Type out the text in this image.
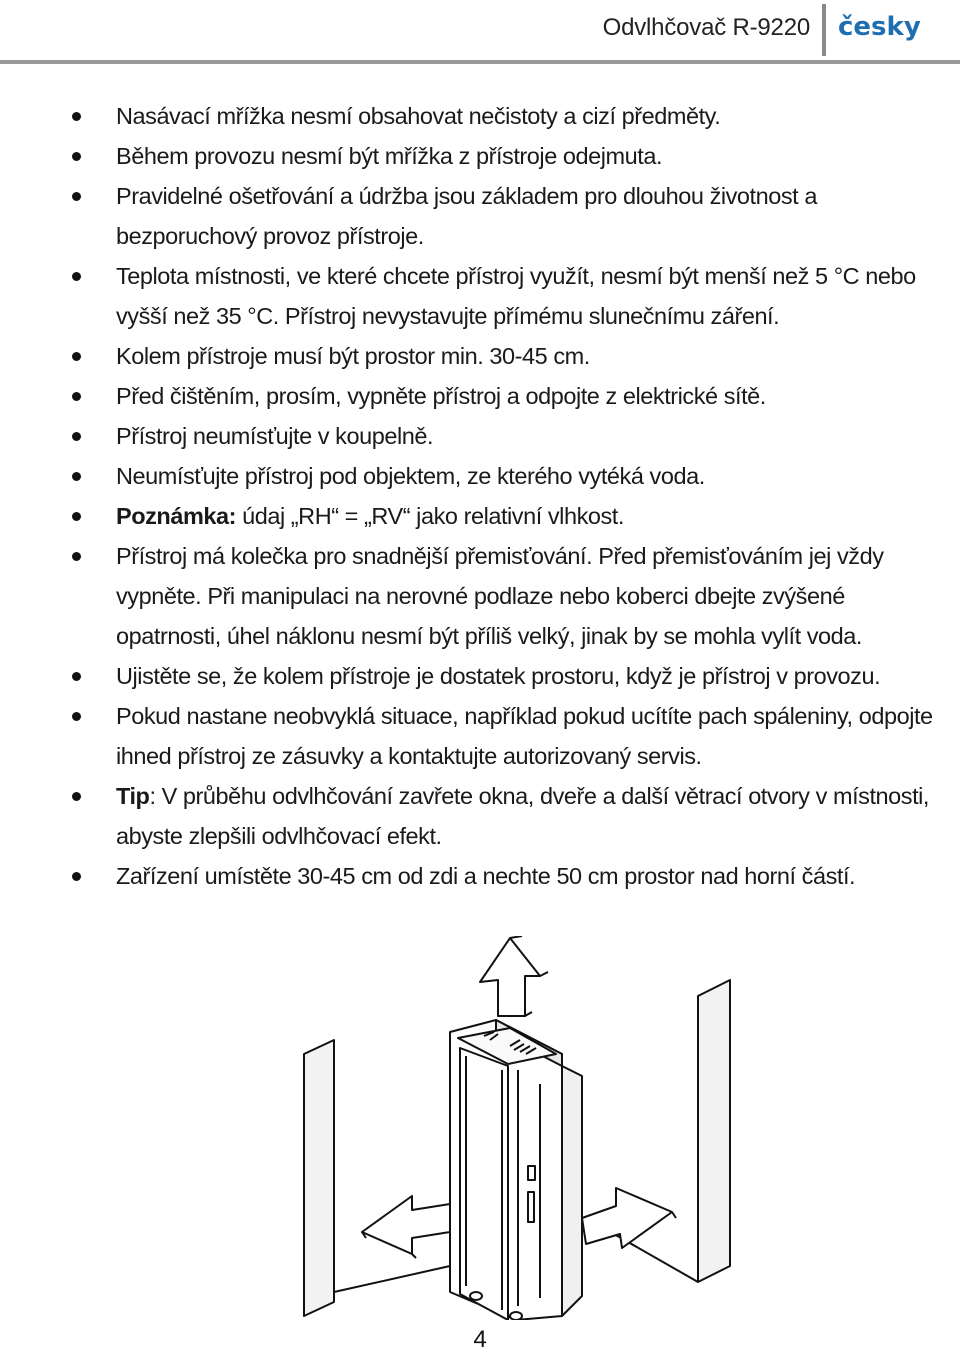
Odvlhčovač R-9220 česky
Nasávací mřížka nesmí obsahovat nečistoty a cizí předměty.
Během provozu nesmí být mřížka z přístroje odejmuta.
Pravidelné ošetřování a údržba jsou základem pro dlouhou životnost a bezporuchový provoz přístroje.
Teplota místnosti, ve které chcete přístroj využít, nesmí být menší než 5 °C nebo vyšší než 35 °C. Přístroj nevystavujte přímému slunečnímu záření.
Kolem přístroje musí být prostor min. 30-45 cm.
Před čištěním, prosím, vypněte přístroj a odpojte z elektrické sítě.
Přístroj neumísťujte v koupelně.
Neumísťujte přístroj pod objektem, ze kterého vytéká voda.
Poznámka: údaj „RH“ = „RV“ jako relativní vlhkost.
Přístroj má kolečka pro snadnější přemisťování. Před přemisťováním jej vždy vypněte. Při manipulaci na nerovné podlaze nebo koberci dbejte zvýšené opatrnosti, úhel náklonu nesmí být příliš velký, jinak by se mohla vylít voda.
Ujistěte se, že kolem přístroje je dostatek prostoru, když je přístroj v provozu.
Pokud nastane neobvyklá situace, například pokud ucítíte pach spáleniny, odpojte ihned přístroj ze zásuvky a kontaktujte autorizovaný servis.
Tip: V průběhu odvlhčování zavřete okna, dveře a další větrací otvory v místnosti, abyste zlepšili odvlhčovací efekt.
Zařízení umístěte 30-45 cm od zdi a nechte 50 cm prostor nad horní částí.
4
